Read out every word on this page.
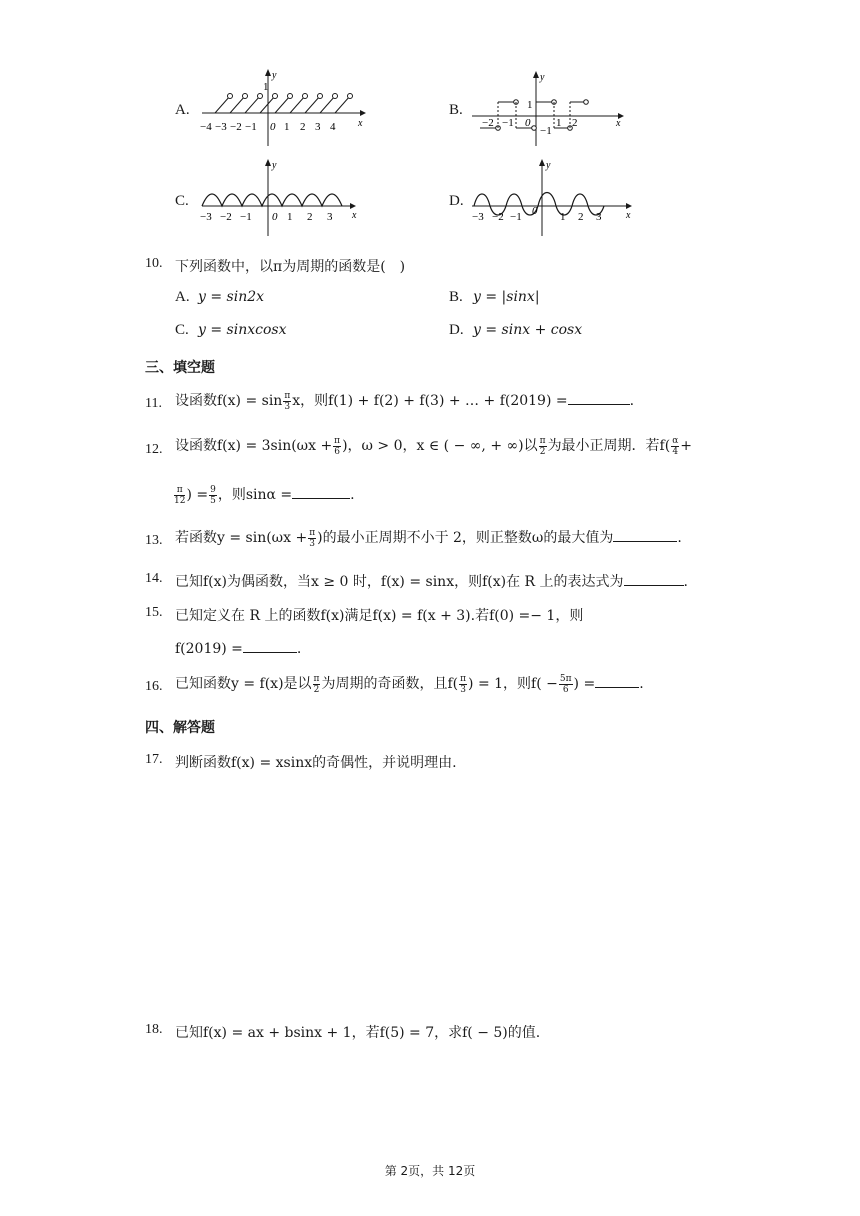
A.
1
y
x
−4 −3 −2 −1 0 1 2 3 4
B.
y
x
1
−1
−2 −1 0 1 2
C.
y
x
−3 −2 −1 0 1 2 3
D.
y
x
−3 −2 −1 0 1 2 3
10. 下列函数中，以π为周期的函数是(　)
A. y = sin2x	B. y = |sinx|
C. y = sinxcosx	D. y = sinx + cosx
三、填空题
11. 设函数$f(x) = \sin \frac{\pi}{3}$ x，则f(1) + f(2) + f(3) + … + f(2019) =	.
12. 设函数$f(x) = 3\sin(\omega x + \frac{\pi}{6}$ )，ω > 0，x ∈ ( − ∞, + ∞)以 $\frac{\pi}{2}$ 为最小正周期．若$f( \frac{\alpha}{4}$ +
$\frac{\pi}{12}$ ) = $\frac{9}{5}$ ，则sinα =	.
13. 若函数$y = \sin(\omega x + \frac{\pi}{3}$ )的最小正周期不小于 2，则正整数ω的最大值为	.
14. 已知f(x)为偶函数，当x ≥ 0 时，f(x) = sinx，则f(x)在 R 上的表达式为	.
15. 已知定义在 R 上的函数f(x)满足f(x) = f(x + 3).若f(0) =− 1，则
f(2019) =	.
16. 已知函数y = f(x)是以 $\frac{\pi}{2}$ 为周期的奇函数，且$f( \frac{\pi}{3}$ ) = 1，则$f( - \frac{5\pi}{6}$ ) =	.
四、解答题
17. 判断函数f(x) = xsinx的奇偶性，并说明理由.
18. 已知f(x) = ax + bsinx + 1，若f(5) = 7，求f( − 5)的值.
第 2页，共 12页
